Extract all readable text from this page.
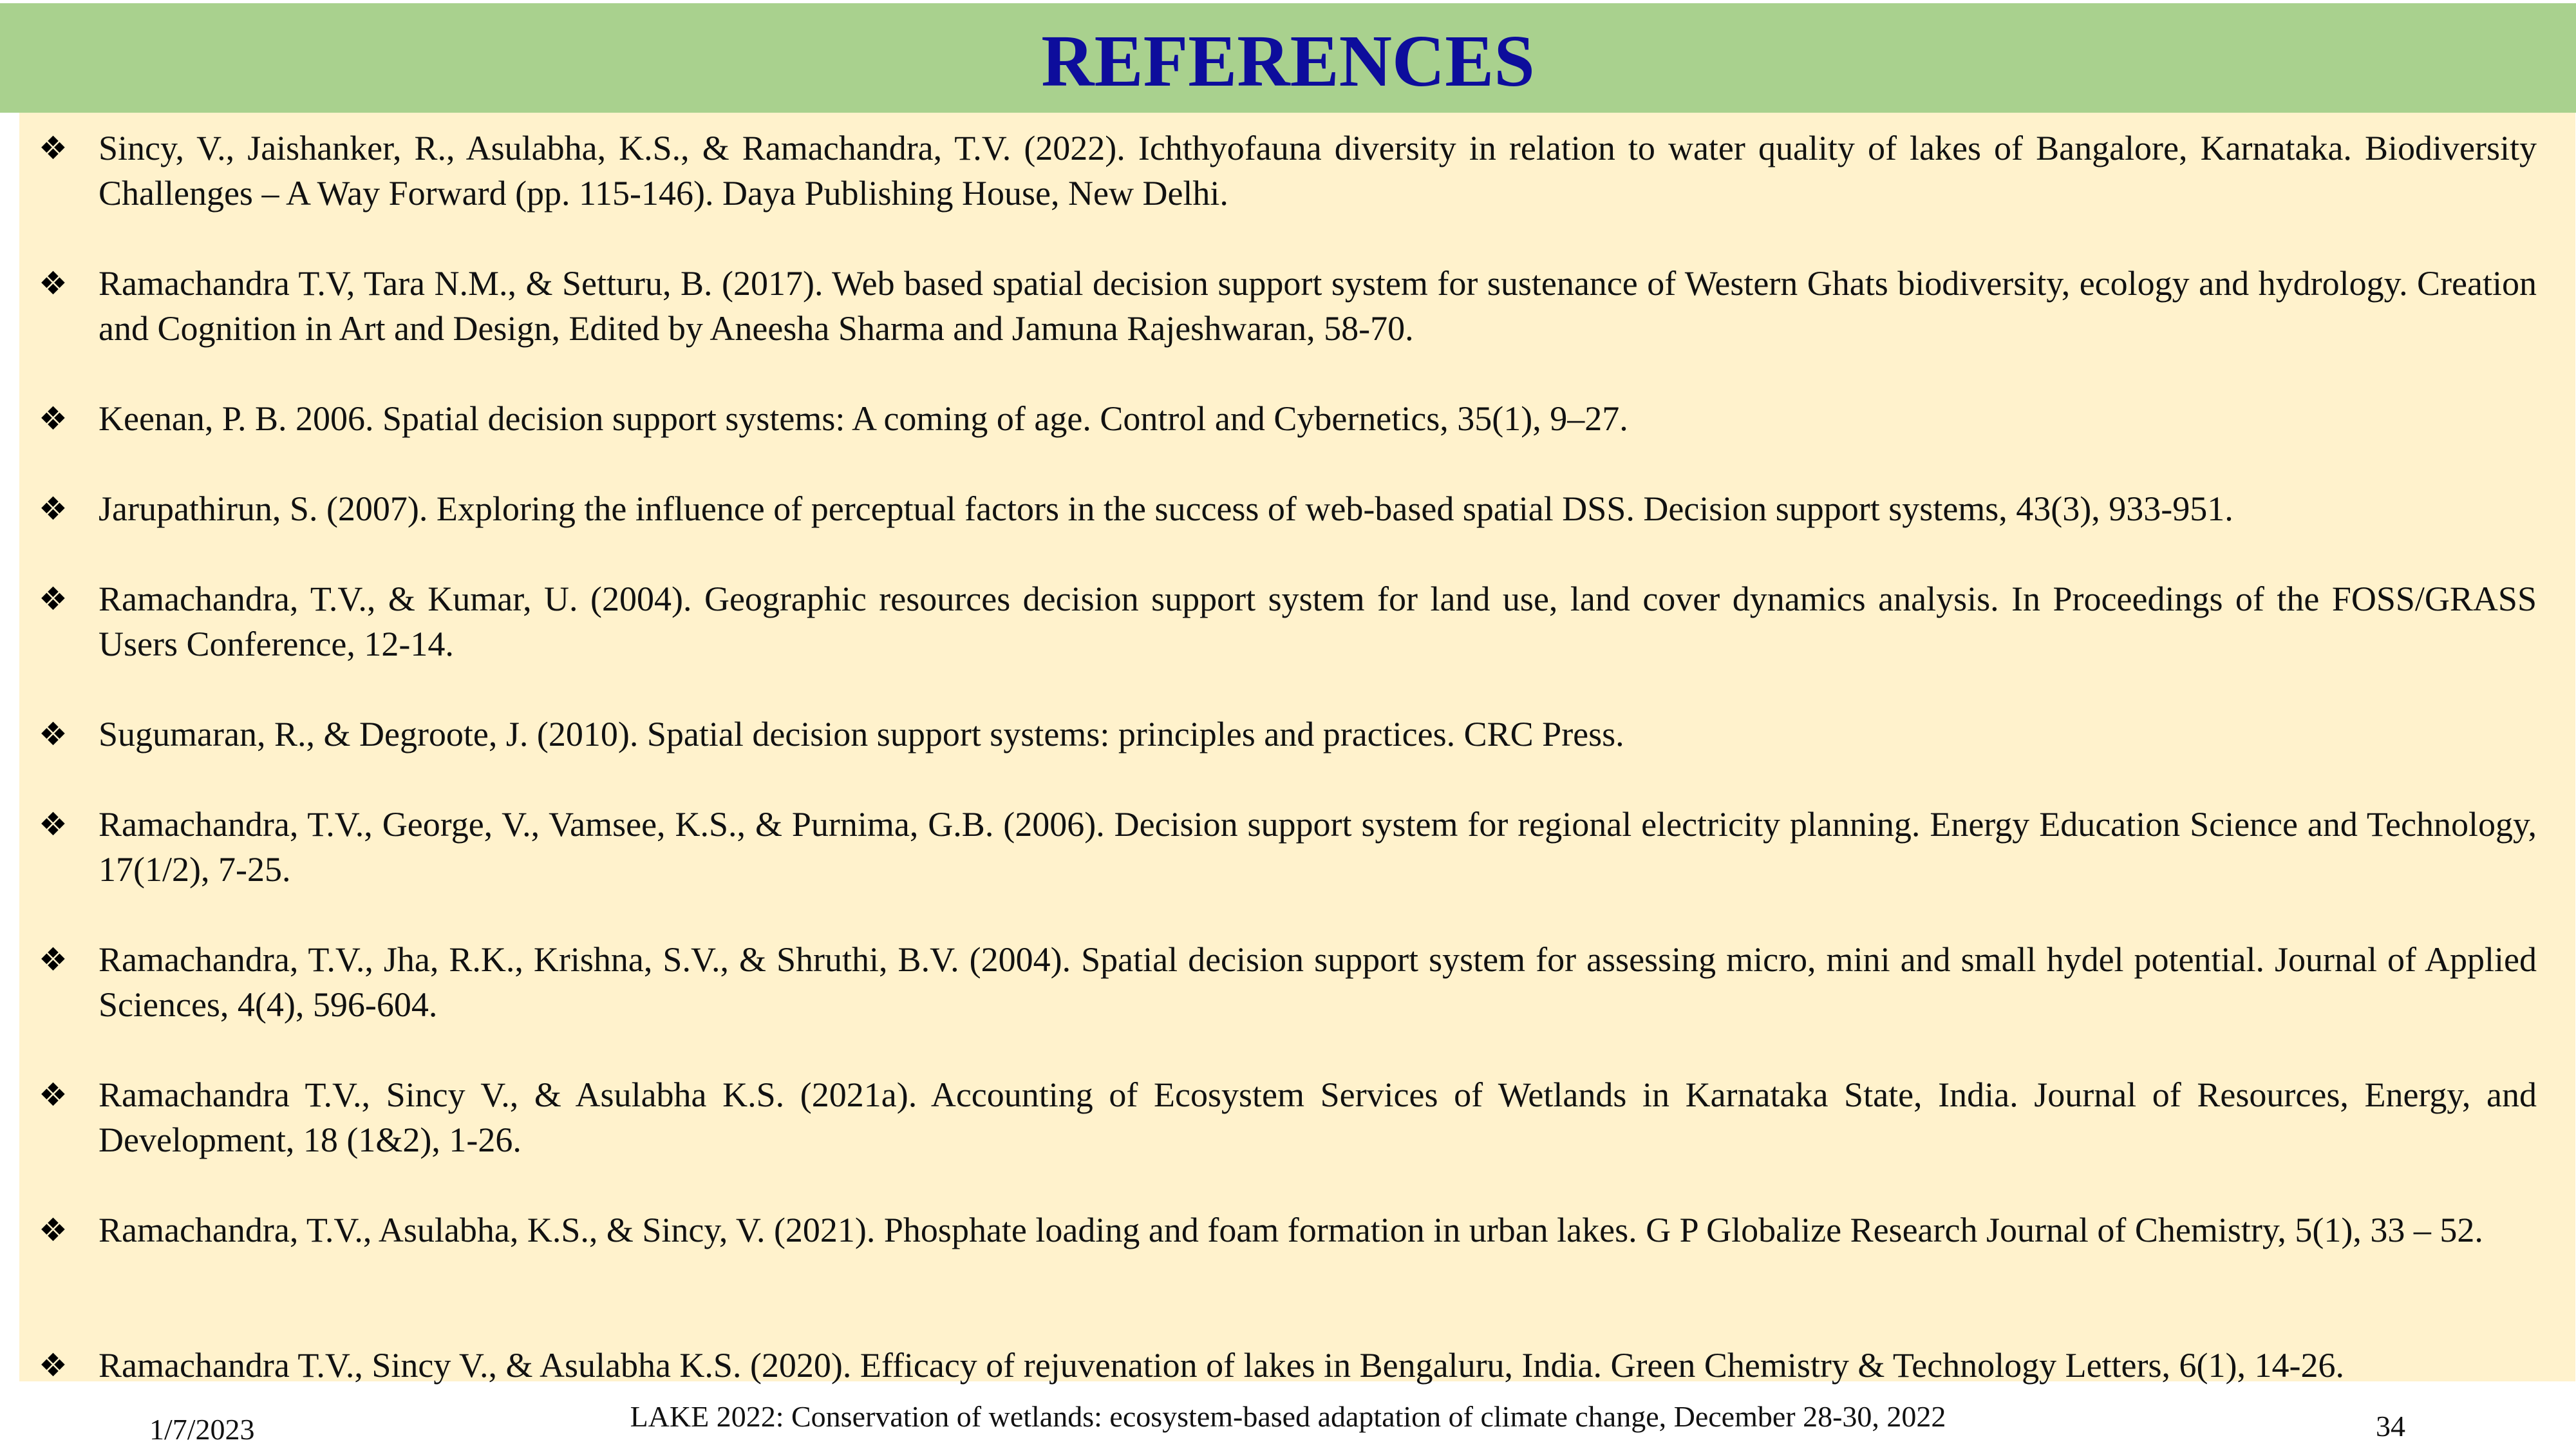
REFERENCES
❖ Sincy, V., Jaishanker, R., Asulabha, K.S., & Ramachandra, T.V. (2022). Ichthyofauna diversity in relation to water quality of lakes of Bangalore, Karnataka. Biodiversity Challenges – A Way Forward (pp. 115-146). Daya Publishing House, New Delhi.
❖ Ramachandra T.V, Tara N.M., & Setturu, B. (2017). Web based spatial decision support system for sustenance of Western Ghats biodiversity, ecology and hydrology. Creation and Cognition in Art and Design, Edited by Aneesha Sharma and Jamuna Rajeshwaran, 58-70.
❖ Keenan, P. B. 2006. Spatial decision support systems: A coming of age. Control and Cybernetics, 35(1), 9–27.
❖ Jarupathirun, S. (2007). Exploring the influence of perceptual factors in the success of web-based spatial DSS. Decision support systems, 43(3), 933-951.
❖ Ramachandra, T.V., & Kumar, U. (2004). Geographic resources decision support system for land use, land cover dynamics analysis. In Proceedings of the FOSS/GRASS Users Conference, 12-14.
❖ Sugumaran, R., & Degroote, J. (2010). Spatial decision support systems: principles and practices. CRC Press.
❖ Ramachandra, T.V., George, V., Vamsee, K.S., & Purnima, G.B. (2006). Decision support system for regional electricity planning. Energy Education Science and Technology, 17(1/2), 7-25.
❖ Ramachandra, T.V., Jha, R.K., Krishna, S.V., & Shruthi, B.V. (2004). Spatial decision support system for assessing micro, mini and small hydel potential. Journal of Applied Sciences, 4(4), 596-604.
❖ Ramachandra T.V., Sincy V., & Asulabha K.S. (2021a). Accounting of Ecosystem Services of Wetlands in Karnataka State, India. Journal of Resources, Energy, and Development, 18 (1&2), 1-26.
❖ Ramachandra, T.V., Asulabha, K.S., & Sincy, V. (2021). Phosphate loading and foam formation in urban lakes. G P Globalize Research Journal of Chemistry, 5(1), 33 – 52.
❖ Ramachandra T.V., Sincy V., & Asulabha K.S. (2020). Efficacy of rejuvenation of lakes in Bengaluru, India. Green Chemistry & Technology Letters, 6(1), 14-26.
1/7/2023	LAKE 2022: Conservation of wetlands: ecosystem-based adaptation of climate change, December 28-30, 2022	34
